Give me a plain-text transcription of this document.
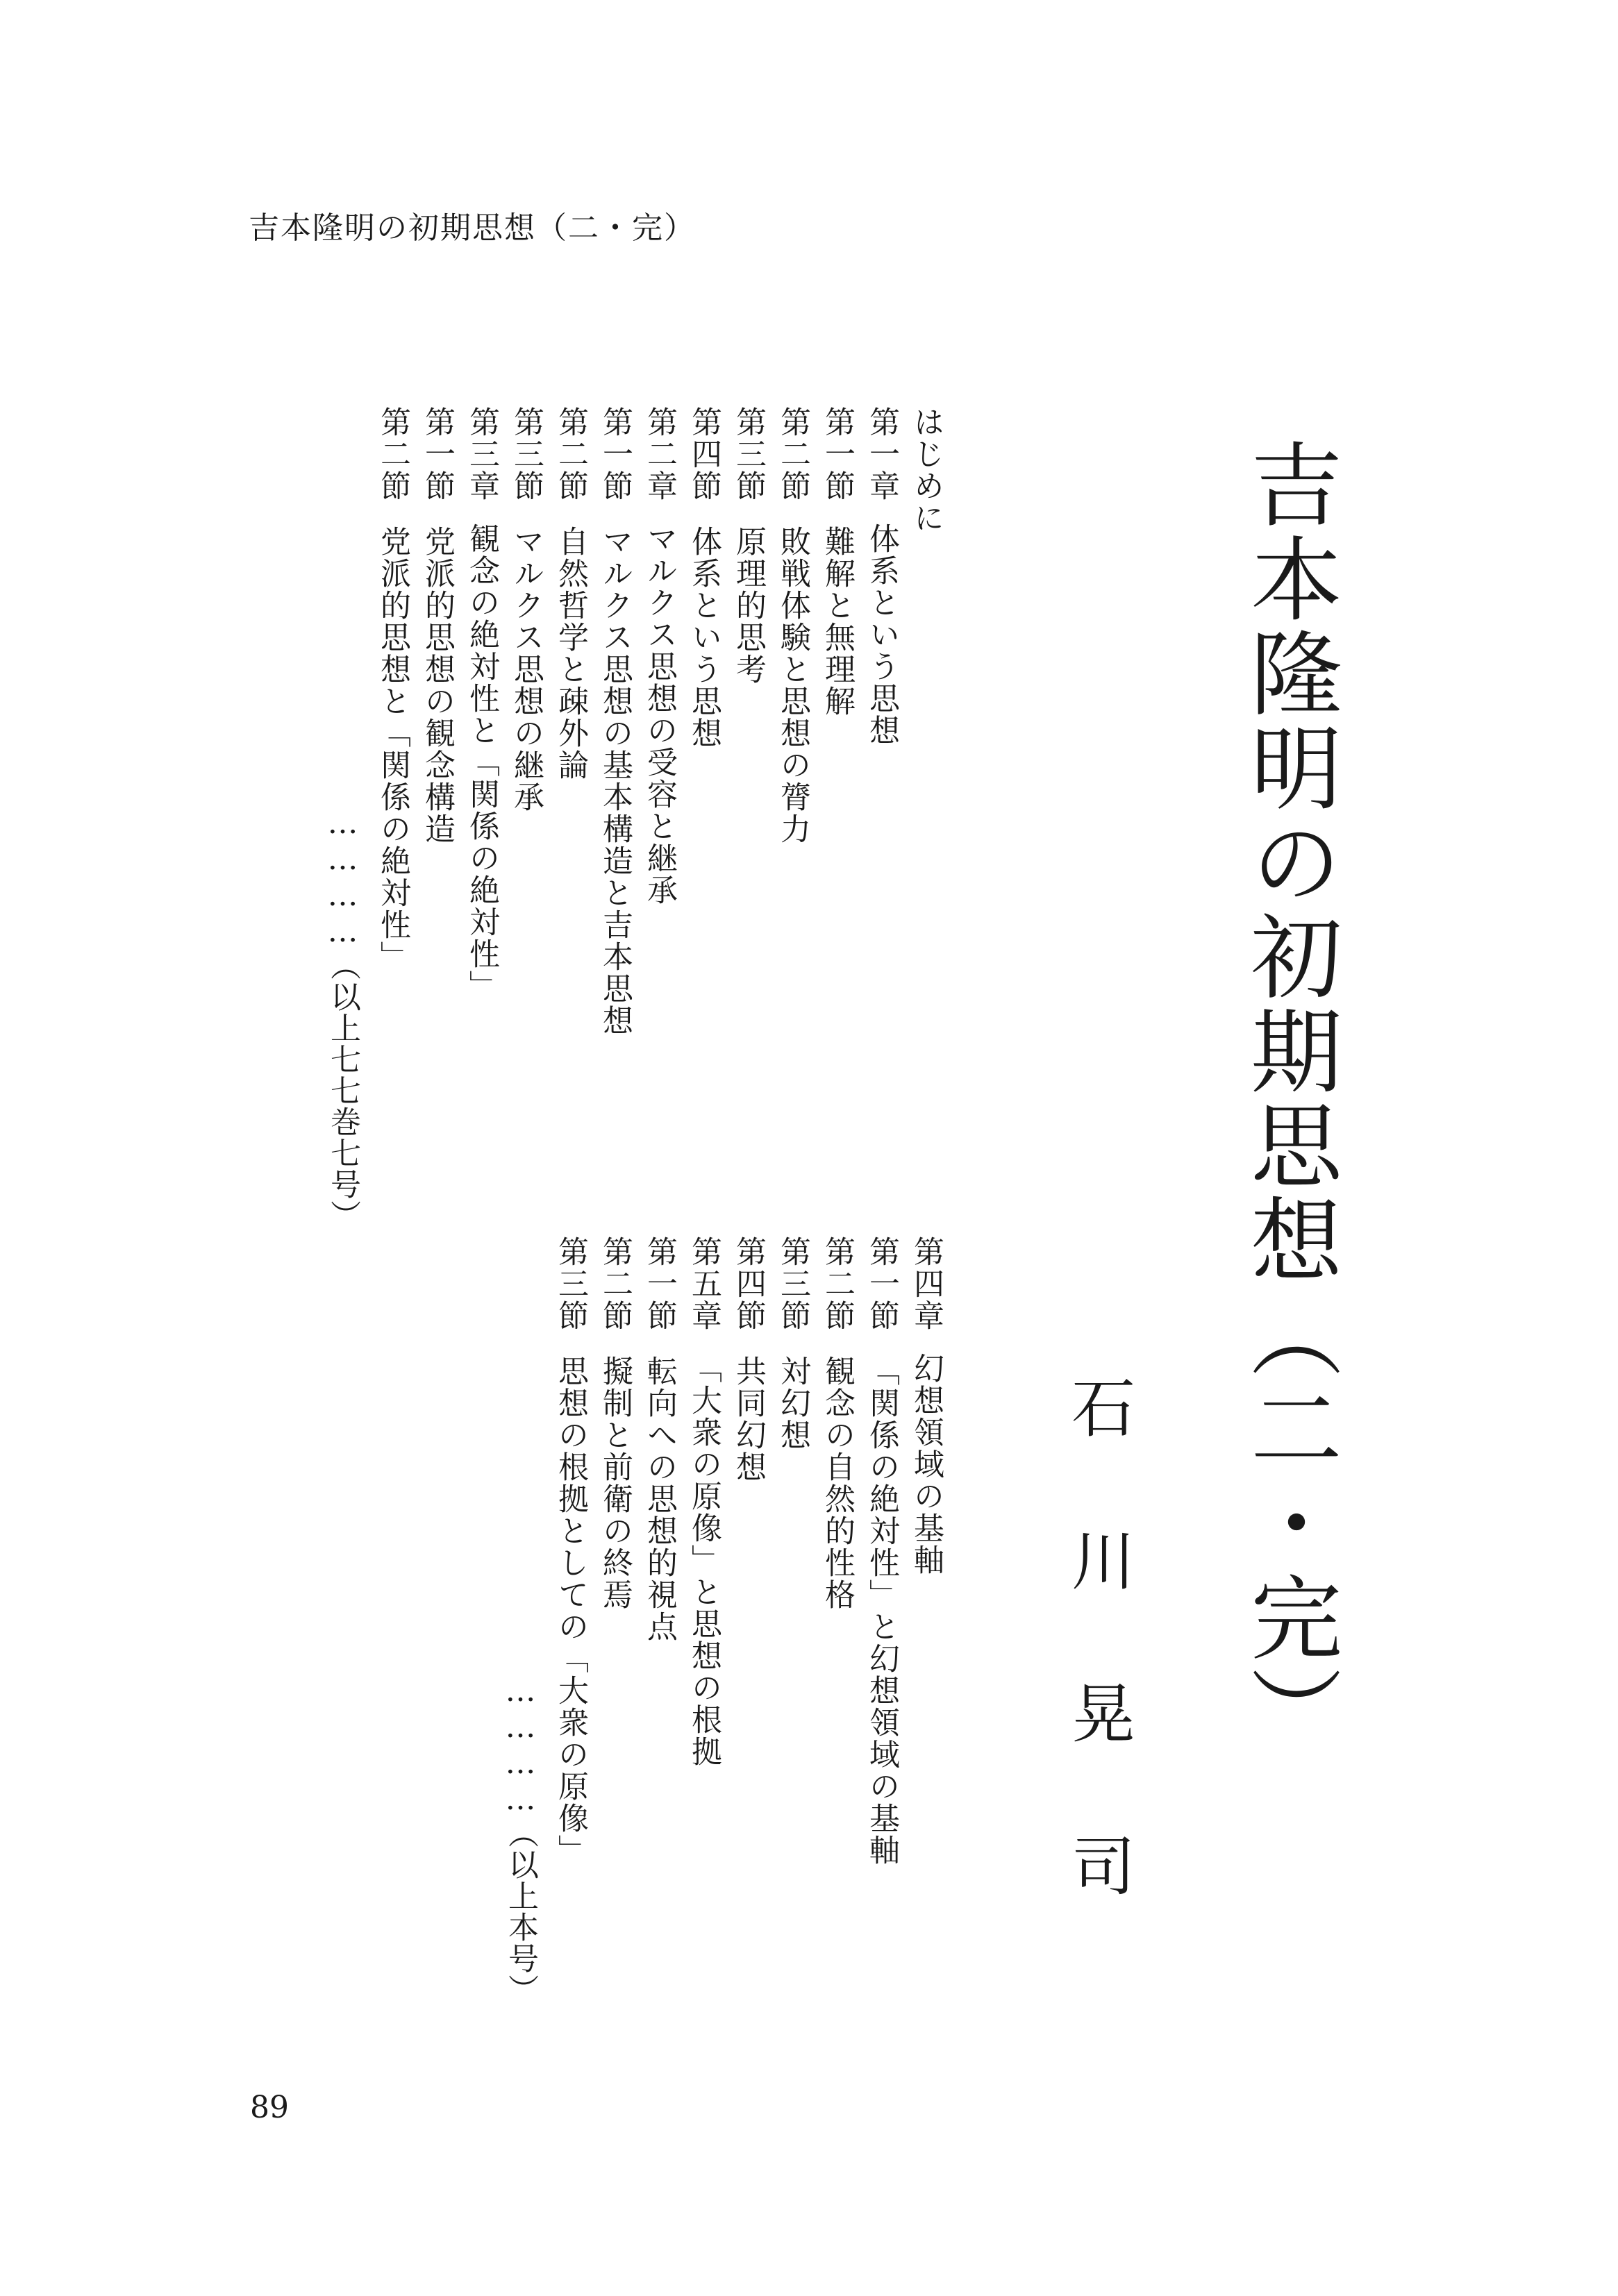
吉本隆明の初期思想（二・完）
吉本隆明の初期思想（二・完）
石川晃司
89
はじめに
第一章体系という思想
第一節難解と無理解
第二節敗戦体験と思想の膂力
第三節原理的思考
第四節体系という思想
第二章マルクス思想の受容と継承
第一節マルクス思想の基本構造と吉本思想
第二節自然哲学と疎外論
第三節マルクス思想の継承
第三章観念の絶対性と「関係の絶対性」
第一節党派的思想の観念構造
第二節党派的思想と「関係の絶対性」
…………（以上七七巻七号）
第四章幻想領域の基軸
第一節「関係の絶対性」と幻想領域の基軸
第二節観念の自然的性格
第三節対幻想
第四節共同幻想
第五章「大衆の原像」と思想の根拠
第一節転向への思想的視点
第二節擬制と前衛の終焉
第三節思想の根拠としての「大衆の原像」
…………（以上本号）
